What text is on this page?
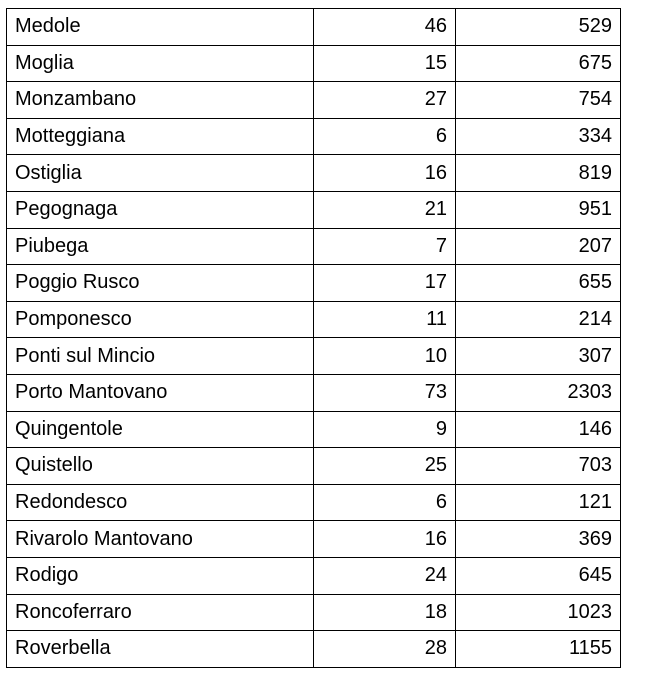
Medole	46	529
Moglia	15	675
Monzambano	27	754
Motteggiana	6	334
Ostiglia	16	819
Pegognaga	21	951
Piubega	7	207
Poggio Rusco	17	655
Pomponesco	11	214
Ponti sul Mincio	10	307
Porto Mantovano	73	2303
Quingentole	9	146
Quistello	25	703
Redondesco	6	121
Rivarolo Mantovano	16	369
Rodigo	24	645
Roncoferraro	18	1023
Roverbella	28	1155
